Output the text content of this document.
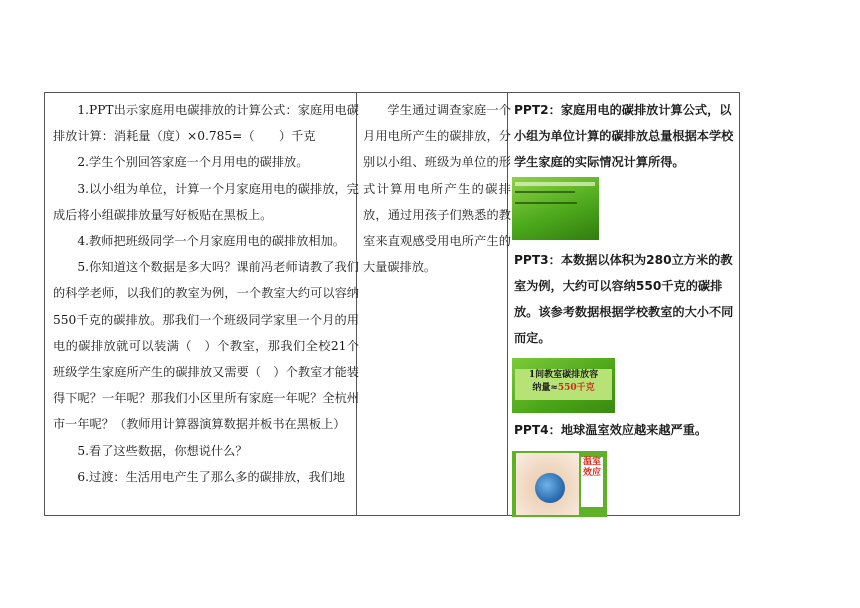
1.PPT出示家庭用电碳排放的计算公式：家庭用电碳排放计算：消耗量（度）×0.785=（　　）千克

2.学生个别回答家庭一个月用电的碳排放。

3.以小组为单位，计算一个月家庭用电的碳排放，完成后将小组碳排放量写好板贴在黑板上。

4.教师把班级同学一个月家庭用电的碳排放相加。

5.你知道这个数据是多大吗？课前冯老师请教了我们的科学老师，以我们的教室为例，一个教室大约可以容纳550千克的碳排放。那我们一个班级同学家里一个月的用电的碳排放就可以装满（　）个教室，那我们全校21个班级学生家庭所产生的碳排放又需要（　）个教室才能装得下呢？一年呢？那我们小区里所有家庭一年呢？全杭州市一年呢？（教师用计算器演算数据并板书在黑板上）

5.看了这些数据，你想说什么？

6.过渡：生活用电产生了那么多的碳排放，我们地

学生通过调查家庭一个月用电所产生的碳排放，分别以小组、班级为单位的形式计算用电所产生的碳排放，通过用孩子们熟悉的教室来直观感受用电所产生的大量碳排放。

PPT2：家庭用电的碳排放计算公式，以小组为单位计算的碳排放总量根据本学校学生家庭的实际情况计算所得。

PPT3：本数据以体积为280立方米的教室为例，大约可以容纳550千克的碳排放。该参考数据根据学校教室的大小不同而定。

PPT4：地球温室效应越来越严重。

1间教室碳排放容
纳量≈550千克
温室效应
